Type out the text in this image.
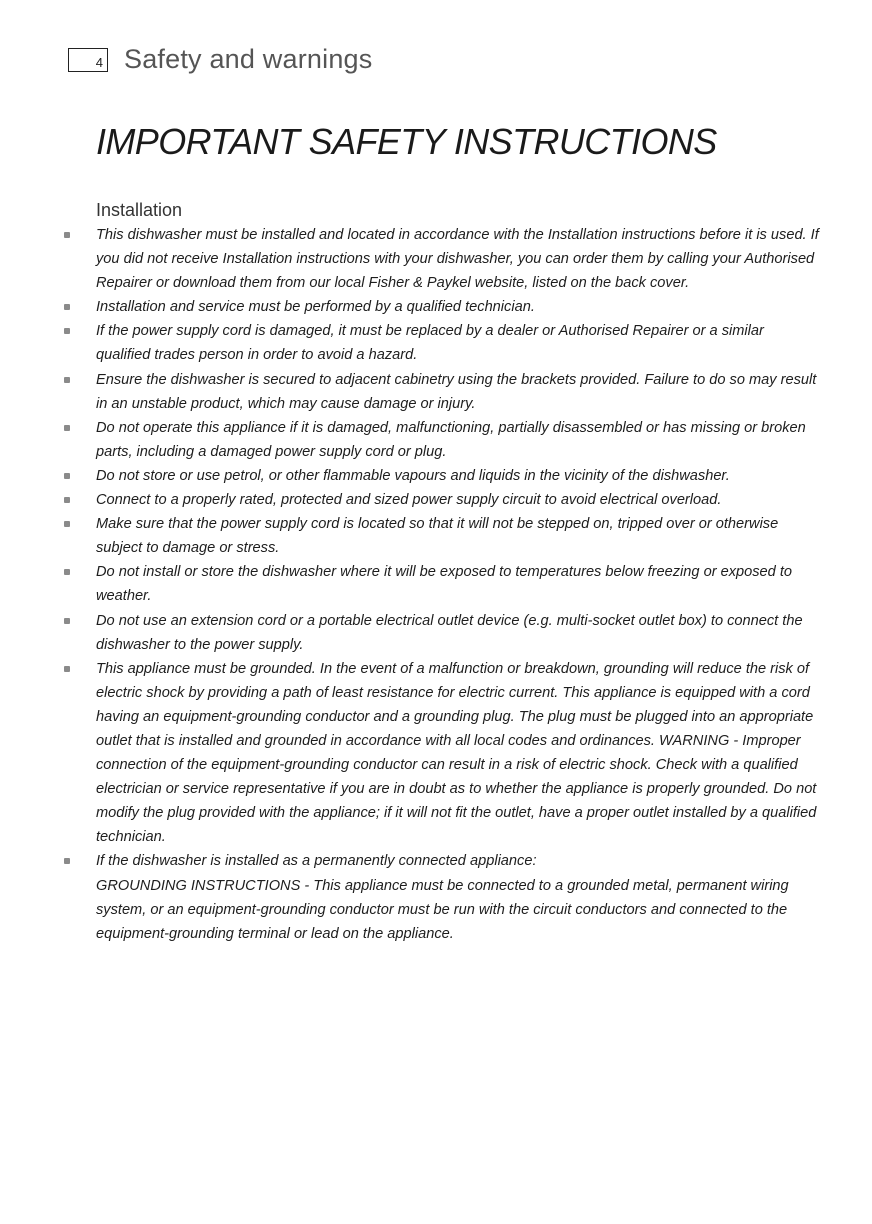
4 Safety and warnings
IMPORTANT SAFETY INSTRUCTIONS
Installation
This dishwasher must be installed and located in accordance with the Installation instructions before it is used. If you did not receive Installation instructions with your dishwasher, you can order them by calling your Authorised Repairer or download them from our local Fisher & Paykel website, listed on the back cover.
Installation and service must be performed by a qualified technician.
If the power supply cord is damaged, it must be replaced by a dealer or Authorised Repairer or a similar qualified trades person in order to avoid a hazard.
Ensure the dishwasher is secured to adjacent cabinetry using the brackets provided. Failure to do so may result in an unstable product, which may cause damage or injury.
Do not operate this appliance if it is damaged, malfunctioning, partially disassembled or has missing or broken parts, including a damaged power supply cord or plug.
Do not store or use petrol, or other flammable vapours and liquids in the vicinity of the dishwasher.
Connect to a properly rated, protected and sized power supply circuit to avoid electrical overload.
Make sure that the power supply cord is located so that it will not be stepped on, tripped over or otherwise subject to damage or stress.
Do not install or store the dishwasher where it will be exposed to temperatures below freezing or exposed to weather.
Do not use an extension cord or a portable electrical outlet device (e.g. multi-socket outlet box) to connect the dishwasher to the power supply.
This appliance must be grounded. In the event of a malfunction or breakdown, grounding will reduce the risk of electric shock by providing a path of least resistance for electric current. This appliance is equipped with a cord having an equipment-grounding conductor and a grounding plug. The plug must be plugged into an appropriate outlet that is installed and grounded in accordance with all local codes and ordinances. WARNING - Improper connection of the equipment-grounding conductor can result in a risk of electric shock. Check with a qualified electrician or service representative if you are in doubt as to whether the appliance is properly grounded. Do not modify the plug provided with the appliance; if it will not fit the outlet, have a proper outlet installed by a qualified technician.
If the dishwasher is installed as a permanently connected appliance:
GROUNDING INSTRUCTIONS - This appliance must be connected to a grounded metal, permanent wiring system, or an equipment-grounding conductor must be run with the circuit conductors and connected to the equipment-grounding terminal or lead on the appliance.
